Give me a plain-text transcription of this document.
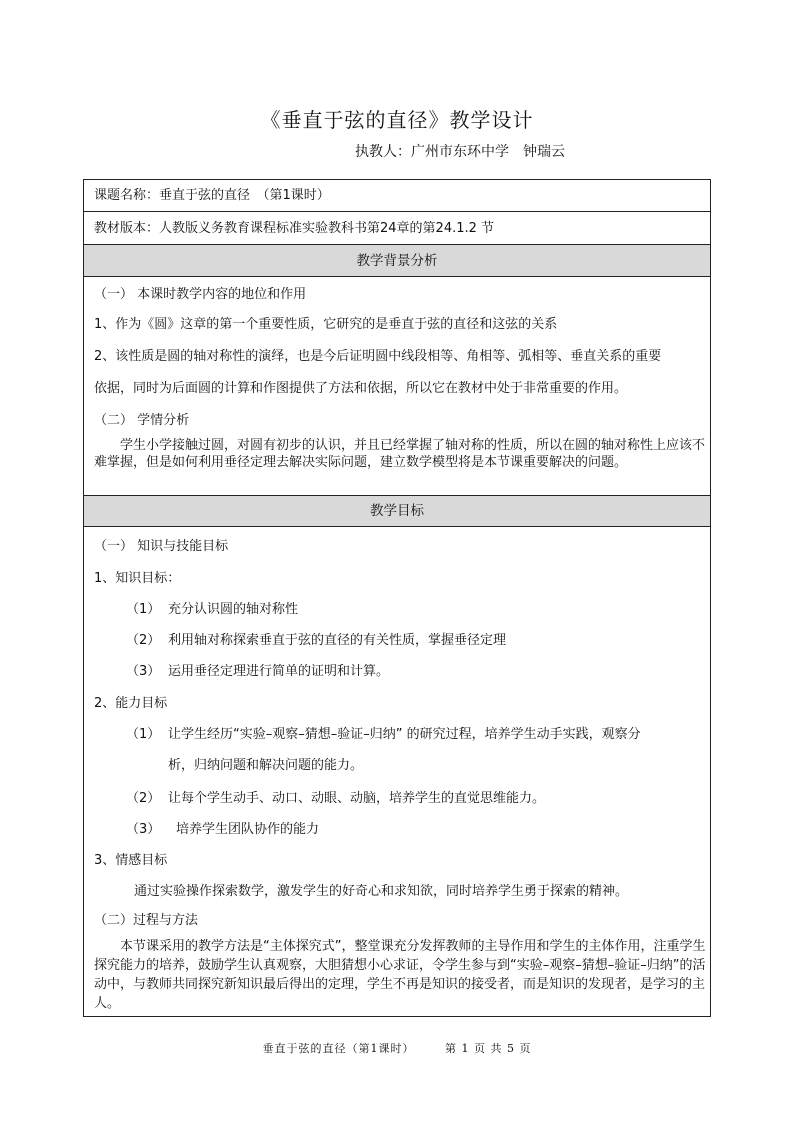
《垂直于弦的直径》教学设计
执教人：广州市东环中学　钟瑞云
课题名称：垂直于弦的直径　（第1课时）
教材版本：人教版义务教育课程标准实验教科书第24章的第24.1.2 节
教学背景分析
（一） 本课时教学内容的地位和作用
1、作为《圆》这章的第一个重要性质，它研究的是垂直于弦的直径和这弦的关系
2、该性质是圆的轴对称性的演绎，也是今后证明圆中线段相等、角相等、弧相等、垂直关系的重要
依据，同时为后面圆的计算和作图提供了方法和依据，所以它在教材中处于非常重要的作用。
（二） 学情分析
学生小学接触过圆，对圆有初步的认识，并且已经掌握了轴对称的性质，所以在圆的轴对称性上应该不难掌握，但是如何利用垂径定理去解决实际问题，建立数学模型将是本节课重要解决的问题。
教学目标
（一） 知识与技能目标
1、知识目标：
（1） 充分认识圆的轴对称性
（2） 利用轴对称探索垂直于弦的直径的有关性质，掌握垂径定理
（3） 运用垂径定理进行简单的证明和计算。
2、能力目标
（1） 让学生经历“实验–观察–猜想–验证–归纳” 的研究过程，培养学生动手实践，观察分
析，归纳问题和解决问题的能力。
（2） 让每个学生动手、动口、动眼、动脑，培养学生的直觉思维能力。
（3） 培养学生团队协作的能力
3、情感目标
通过实验操作探索数学，激发学生的好奇心和求知欲，同时培养学生勇于探索的精神。
（二）过程与方法
本节课采用的教学方法是“主体探究式”，整堂课充分发挥教师的主导作用和学生的主体作用，注重学生探究能力的培养，鼓励学生认真观察，大胆猜想小心求证，令学生参与到“实验–观察–猜想–验证–归纳”的活动中，与教师共同探究新知识最后得出的定理，学生不再是知识的接受者，而是知识的发现者，是学习的主人。
垂直于弦的直径（第1课时）　　　第 1 页 共 5 页
